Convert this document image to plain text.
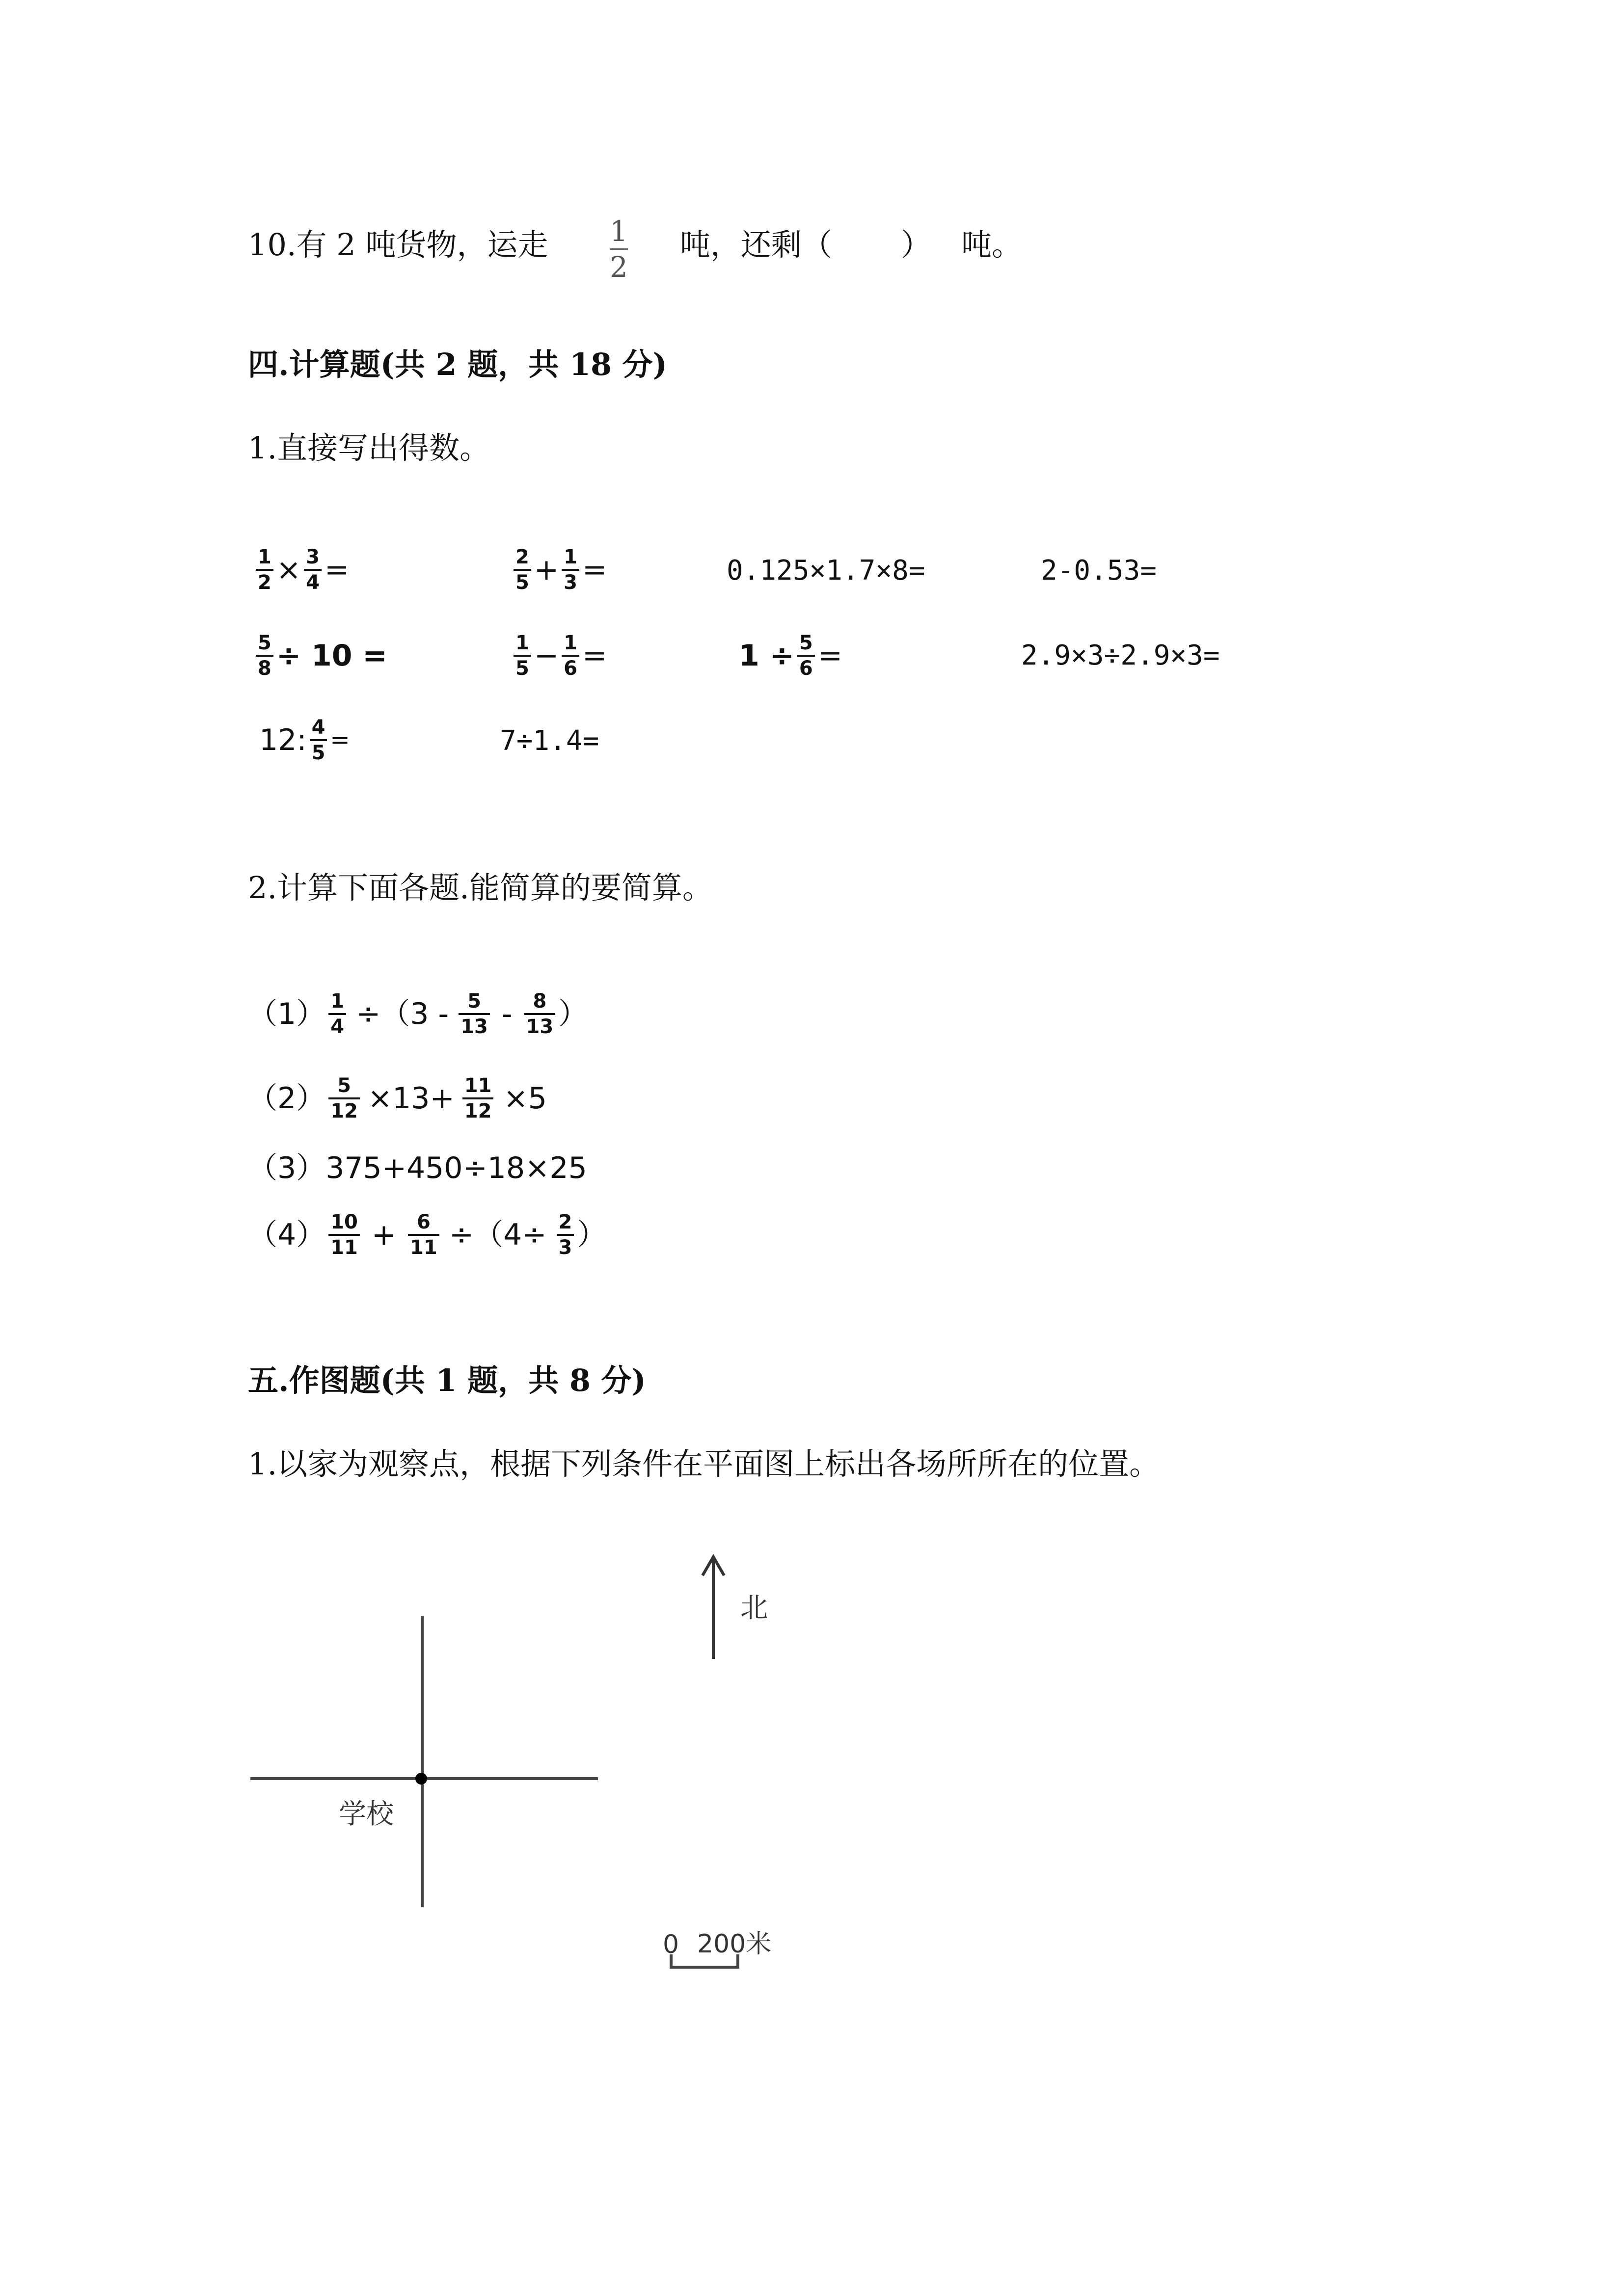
10.有 2 吨货物，运走 1
2
吨，还剩（ ） 吨。
四.计算题(共 2 题，共 18 分)
1.直接写出得数。
$\frac{1}{2} \times \frac{3}{4}$ =	$\frac{2}{5} + \frac{1}{3}$ =	0.125×1.7×8=	2-0.53=
$\frac{5}{8} \div 10$ =	$\frac{1}{5} - \frac{1}{6}$ =	$1 \div \frac{5}{6}$ =	2.9×3÷2.9×3=
12: $\frac{4}{5}$ =	7÷1.4=
2.计算下面各题.能简算的要简算。
$(1) \frac{1}{4} \div(3 - \frac{5}{13} - \frac{8}{13}$ ）
$(2) \frac{5}{12} \times 13+ \frac{11}{12} \times 5$
（3） 375+450÷18×25
$(4) \frac{10}{11} + \frac{6}{11} \div(4\div \frac{2}{3}$ ）
五.作图题(共 1 题，共 8 分)
1.以家为观察点，根据下列条件在平面图上标出各场所所在的位置。
北
学校
0 200米
